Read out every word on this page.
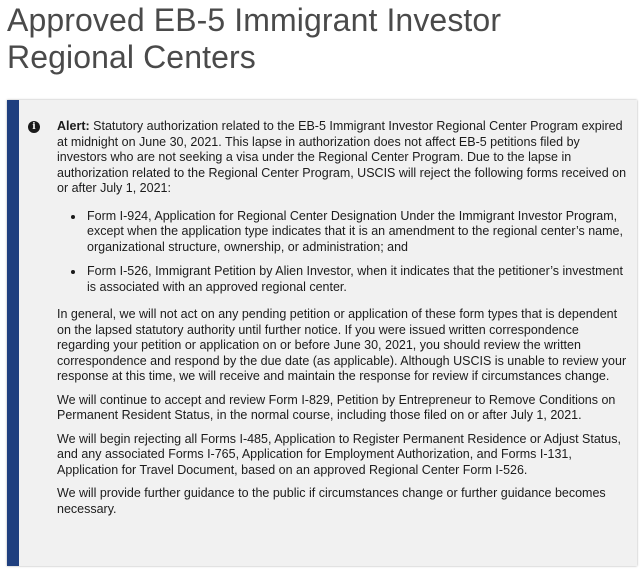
Approved EB-5 Immigrant Investor Regional Centers
i	Alert: Statutory authorization related to the EB-5 Immigrant Investor Regional Center Program expired at midnight on June 30, 2021. This lapse in authorization does not affect EB-5 petitions filed by investors who are not seeking a visa under the Regional Center Program. Due to the lapse in authorization related to the Regional Center Program, USCIS will reject the following forms received on or after July 1, 2021:

• Form I-924, Application for Regional Center Designation Under the Immigrant Investor Program, except when the application type indicates that it is an amendment to the regional center’s name, organizational structure, ownership, or administration; and
• Form I-526, Immigrant Petition by Alien Investor, when it indicates that the petitioner’s investment is associated with an approved regional center.

In general, we will not act on any pending petition or application of these form types that is dependent on the lapsed statutory authority until further notice. If you were issued written correspondence regarding your petition or application on or before June 30, 2021, you should review the written correspondence and respond by the due date (as applicable). Although USCIS is unable to review your response at this time, we will receive and maintain the response for review if circumstances change.

We will continue to accept and review Form I-829, Petition by Entrepreneur to Remove Conditions on Permanent Resident Status, in the normal course, including those filed on or after July 1, 2021.

We will begin rejecting all Forms I-485, Application to Register Permanent Residence or Adjust Status, and any associated Forms I-765, Application for Employment Authorization, and Forms I-131, Application for Travel Document, based on an approved Regional Center Form I-526.

We will provide further guidance to the public if circumstances change or further guidance becomes necessary.
